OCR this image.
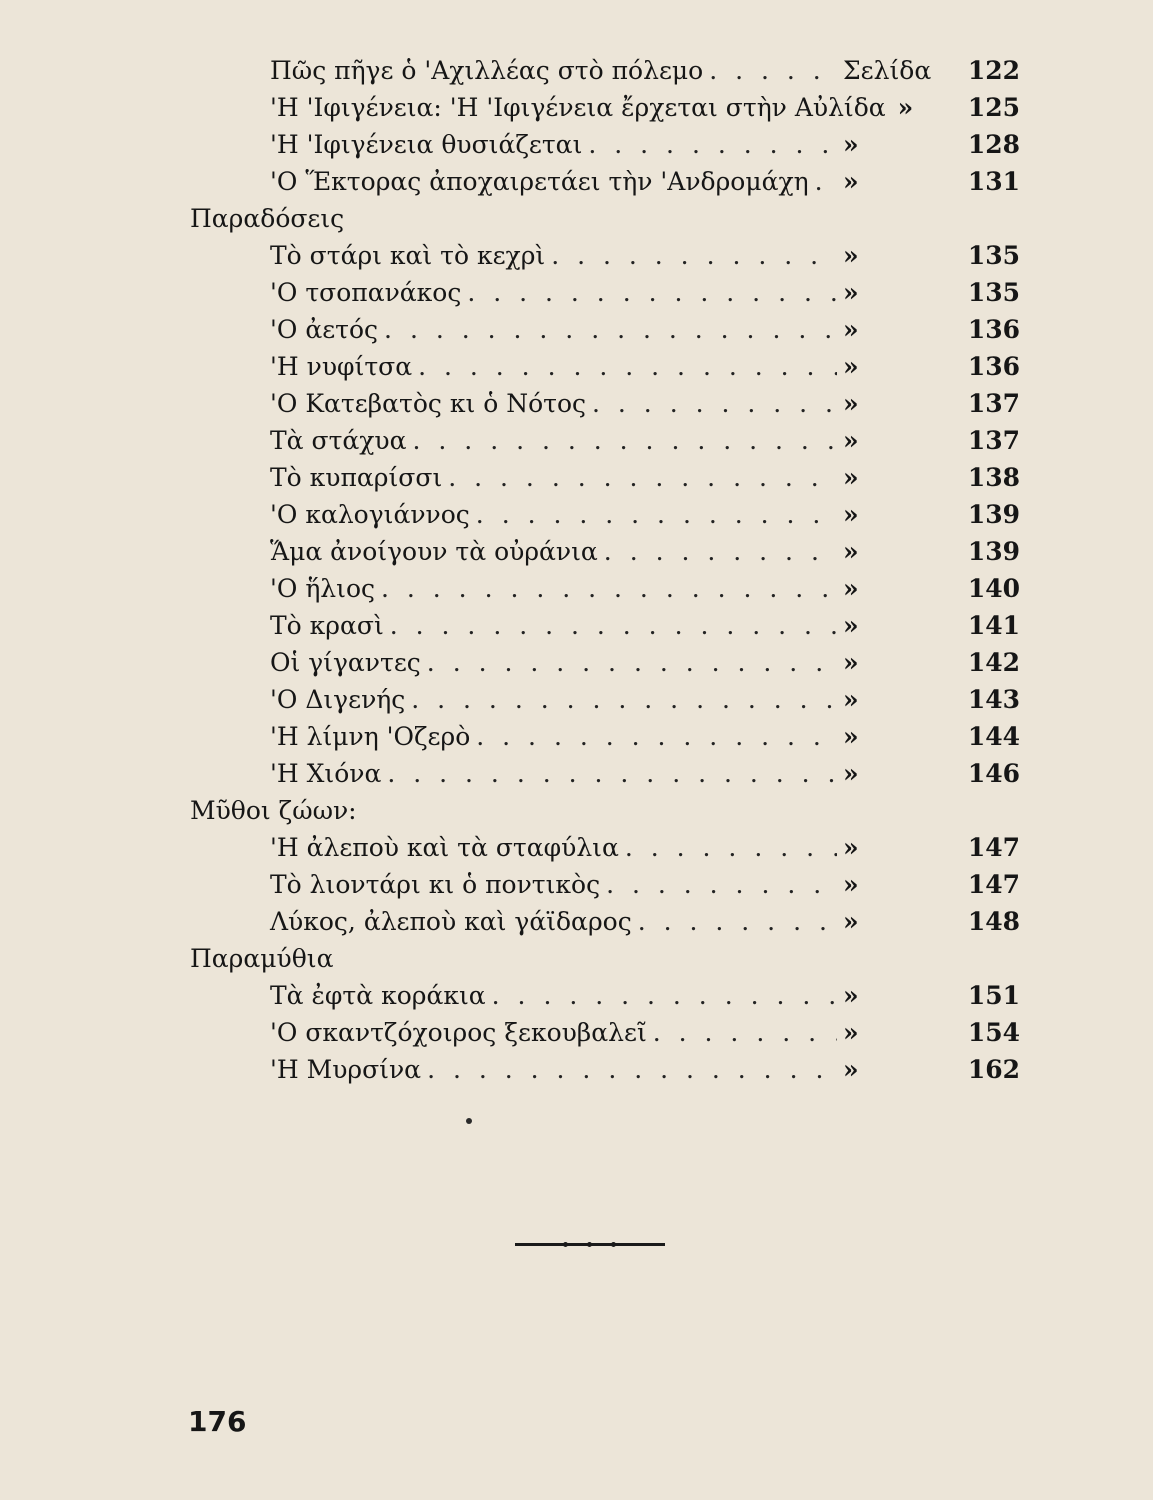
Πῶς πῆγε ὁ 'Αχιλλέας στὸ πόλεμο . . .	Σελίδα	122
'Η 'Ιφιγένεια: 'Η 'Ιφιγένεια ἔρχεται στὴν Αὐλίδα »	125
'Η 'Ιφιγένεια θυσιάζεται . . .	»	128
'Ο Ἕκτορας ἀποχαιρετάει τὴν 'Ανδρομάχη . . . »	131
Παραδόσεις
Τὸ στάρι καὶ τὸ κεχρὶ . . .	»	135
'Ο τσοπανάκος . . .	»	135
'Ο ἀετός . . .	»	136
'Η νυφίτσα . . .	»	136
'Ο Κατεβατὸς κι ὁ Νότος . . .	»	137
Τὰ στάχυα . . .	»	137
Τὸ κυπαρίσσι . . .	»	138
'Ο καλογιάννος . . .	»	139
Ἅμα ἀνοίγουν τὰ οὐράνια . . .	»	139
'Ο ἥλιος . . .	»	140
Τὸ κρασὶ . . .	»	141
Οἱ γίγαντες . . .	»	142
'Ο Διγενής . . .	»	143
'Η λίμνη 'Οζερὸ . . .	»	144
'Η Χιόνα . . .	»	146
Μῦθοι ζώων:
'Η ἀλεποὺ καὶ τὰ σταφύλια . . .	»	147
Τὸ λιοντάρι κι ὁ ποντικὸς . . .	»	147
Λύκος, ἀλεποὺ καὶ γάϊδαρος . . .	»	148
Παραμύθια
Τὰ ἐφτὰ κοράκια . . .	»	151
'Ο σκαντζόχοιρος ξεκουβαλεῖ . . .	»	154
'Η Μυρσίνα . . .	»	162
176
